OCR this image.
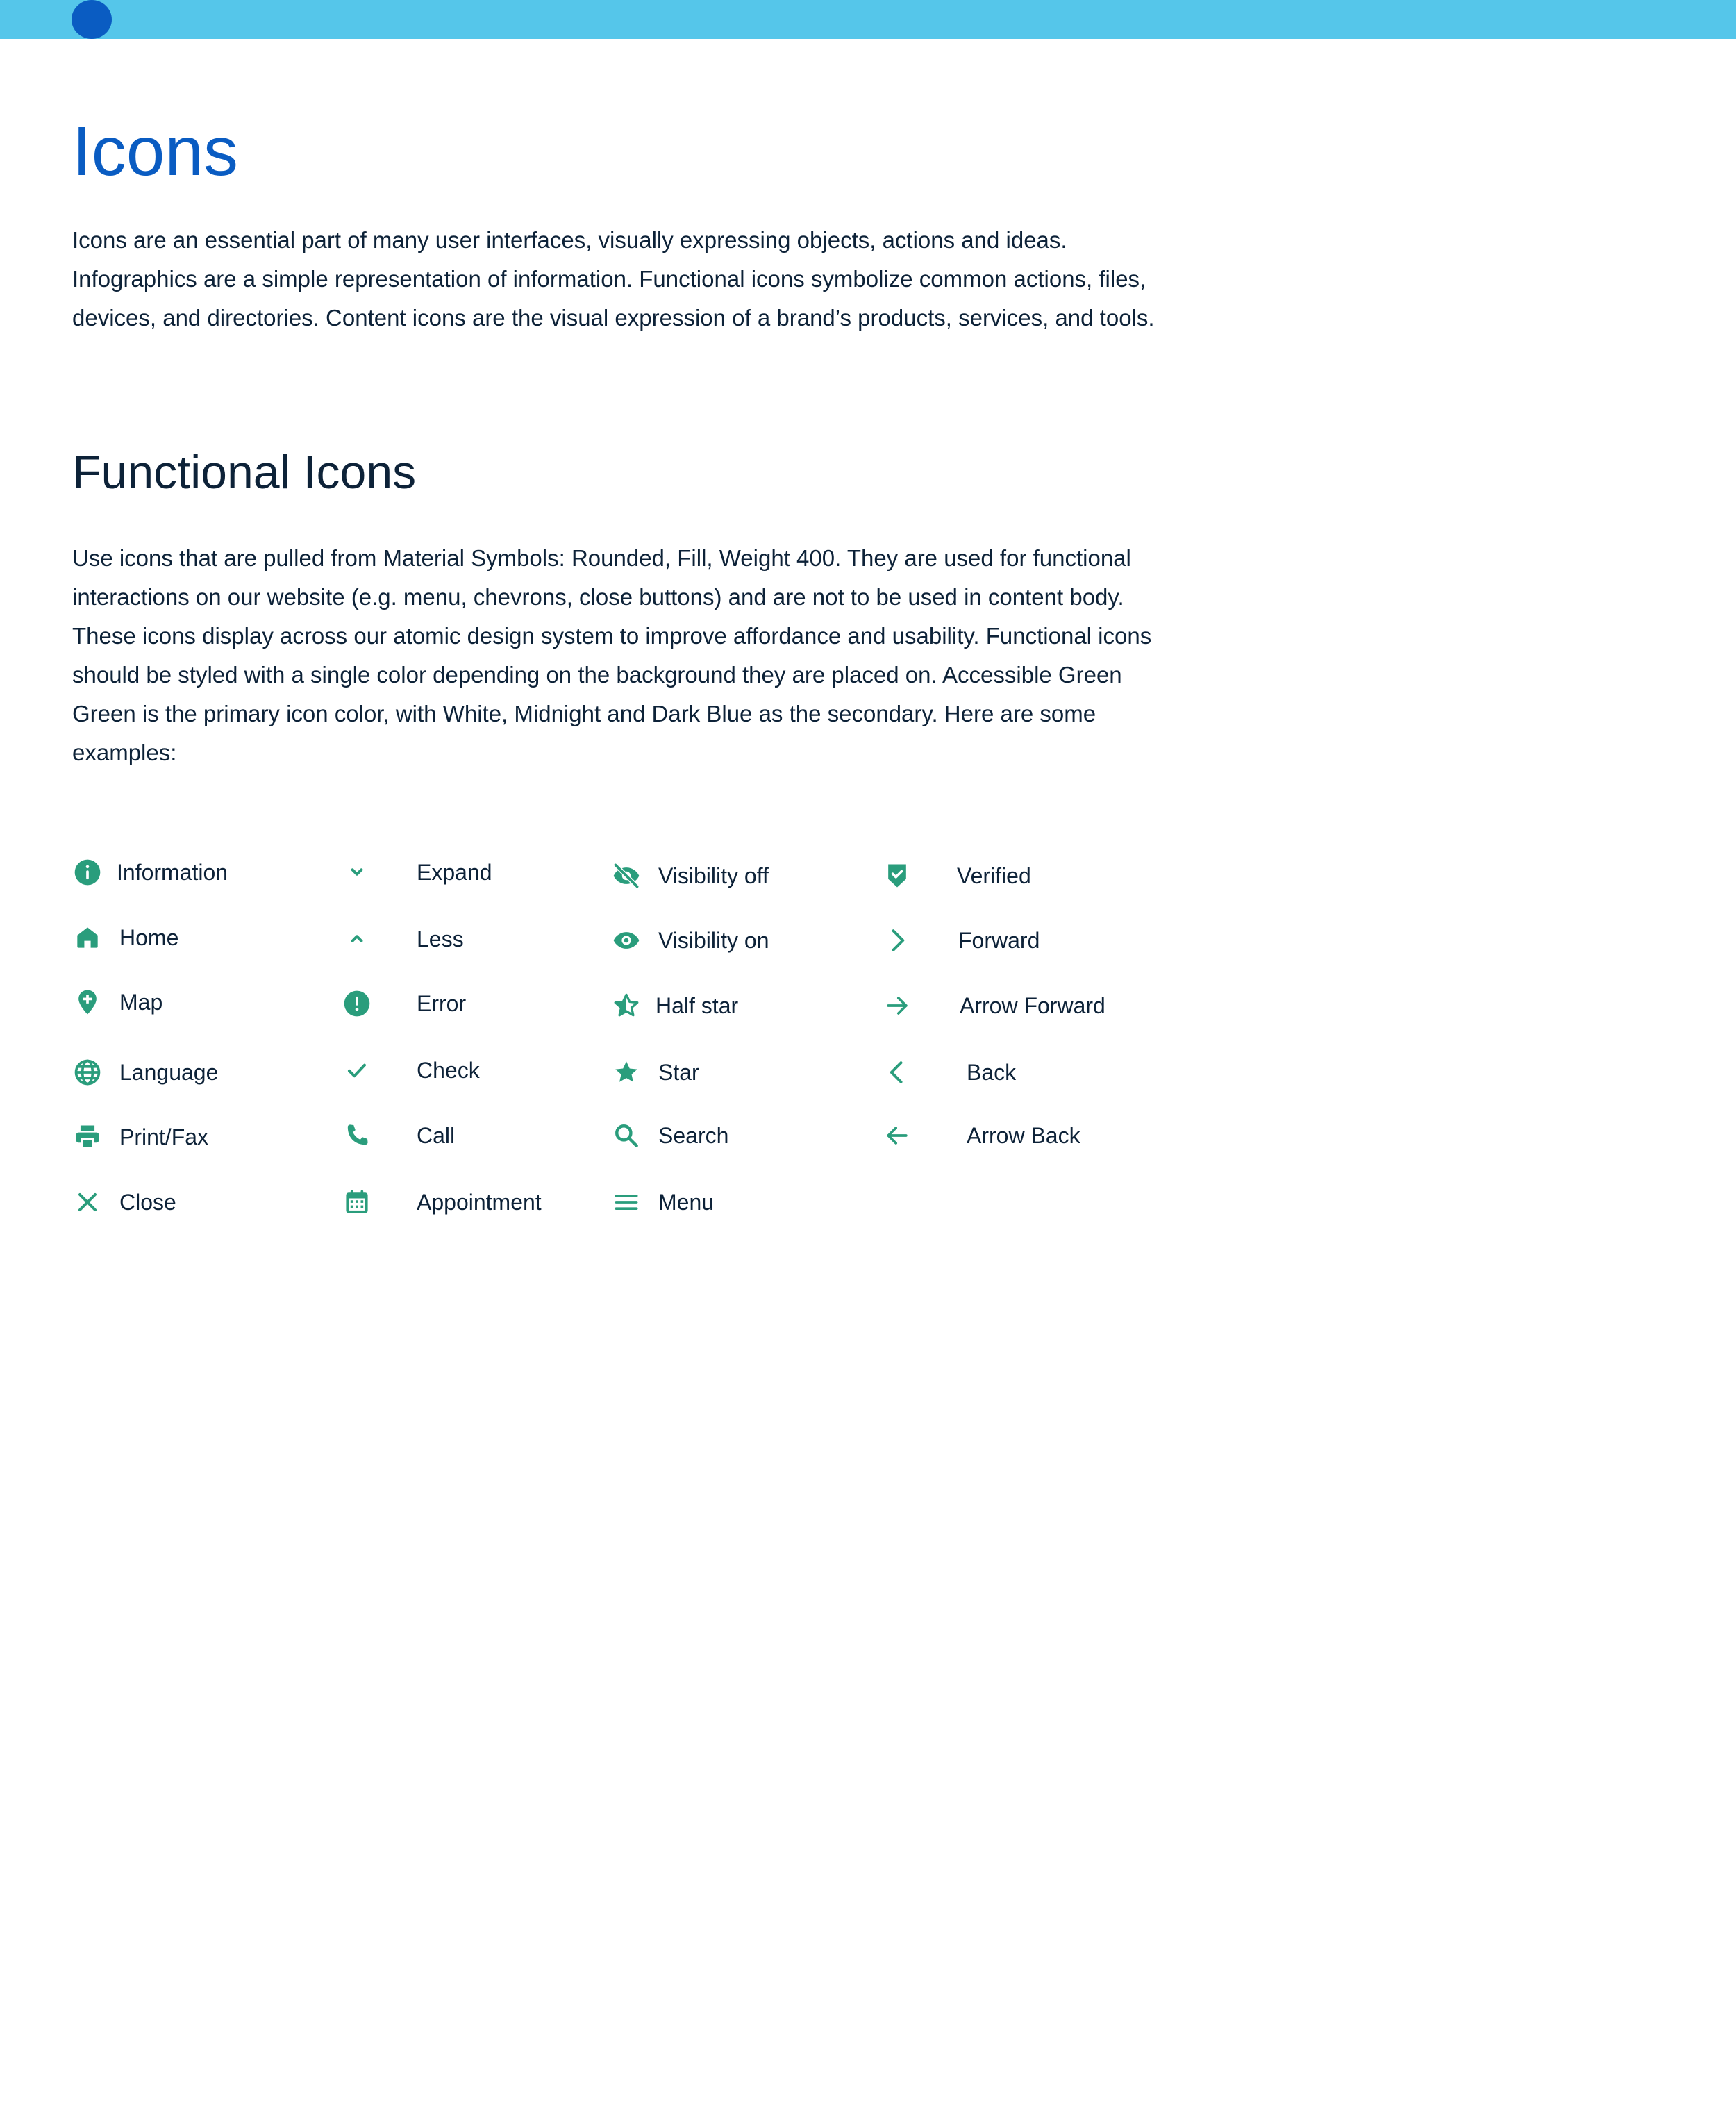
Icons

Icons are an essential part of many user interfaces, visually expressing objects, actions and ideas. Infographics are a simple representation of information. Functional icons symbolize common actions, files, devices, and directories. Content icons are the visual expression of a brand’s products, services, and tools.

Functional Icons

Use icons that are pulled from Material Symbols: Rounded, Fill, Weight 400. They are used for functional interactions on our website (e.g. menu, chevrons, close buttons) and are not to be used in content body. These icons display across our atomic design system to improve affordance and usability. Functional icons should be styled with a single color depending on the background they are placed on. Accessible Green Green is the primary icon color, with White, Midnight and Dark Blue as the secondary. Here are some examples:

Information
Home
Map
Language
Print/Fax
Close
Expand
Less
Error
Check
Call
Appointment
Visibility off
Visibility on
Half star
Star
Search
Menu
Verified
Forward
Arrow Forward
Back
Arrow Back
